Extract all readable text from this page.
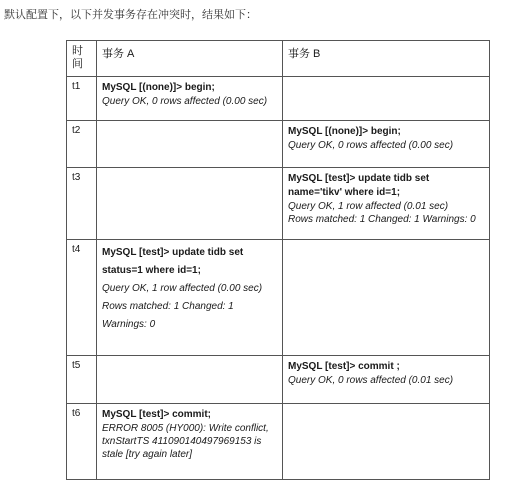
默认配置下，以下并发事务存在冲突时，结果如下：

时间	事务 A	事务 B
t1	MySQL [(none)]> begin;
Query OK, 0 rows affected (0.00 sec)	

t2		MySQL [(none)]> begin;
Query OK, 0 rows affected (0.00 sec)

t3		MySQL [test]> update tidb set name='tikv' where id=1;
Query OK, 1 row affected (0.01 sec)
Rows matched: 1 Changed: 1 Warnings: 0

t4	MySQL [test]> update tidb set status=1 where id=1;
Query OK, 1 row affected (0.00 sec)
Rows matched: 1 Changed: 1
Warnings: 0	

t5		MySQL [test]> commit ;
Query OK, 0 rows affected (0.01 sec)

t6	MySQL [test]> commit;
ERROR 8005 (HY000): Write conflict, txnStartTS 411090140497969153 is stale [try again later]	
